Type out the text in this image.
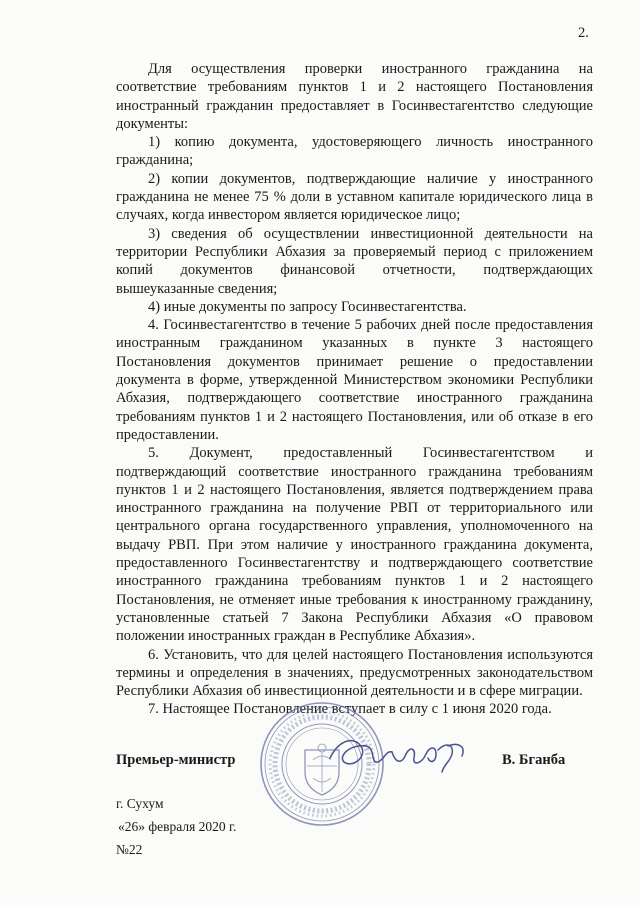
2.

Для осуществления проверки иностранного гражданина на соответствие требованиям пунктов 1 и 2 настоящего Постановления иностранный гражданин предоставляет в Госинвестагентство следующие документы:

1) копию документа, удостоверяющего личность иностранного гражданина;

2) копии документов, подтверждающие наличие у иностранного гражданина не менее 75 % доли в уставном капитале юридического лица в случаях, когда инвестором является юридическое лицо;

3) сведения об осуществлении инвестиционной деятельности на территории Республики Абхазия за проверяемый период с приложением копий документов финансовой отчетности, подтверждающих вышеуказанные сведения;

4) иные документы по запросу Госинвестагентства.

4. Госинвестагентство в течение 5 рабочих дней после предоставления иностранным гражданином указанных в пункте 3 настоящего Постановления документов принимает решение о предоставлении документа в форме, утвержденной Министерством экономики Республики Абхазия, подтверждающего соответствие иностранного гражданина требованиям пунктов 1 и 2 настоящего Постановления, или об отказе в его предоставлении.

5. Документ, предоставленный Госинвестагентством и подтверждающий соответствие иностранного гражданина требованиям пунктов 1 и 2 настоящего Постановления, является подтверждением права иностранного гражданина на получение РВП от территориального или центрального органа государственного управления, уполномоченного на выдачу РВП. При этом наличие у иностранного гражданина документа, предоставленного Госинвестагентству и подтверждающего соответствие иностранного гражданина требованиям пунктов 1 и 2 настоящего Постановления, не отменяет иные требования к иностранному гражданину, установленные статьей 7 Закона Республики Абхазия «О правовом положении иностранных граждан в Республике Абхазия».

6. Установить, что для целей настоящего Постановления используются термины и определения в значениях, предусмотренных законодательством Республики Абхазия об инвестиционной деятельности и в сфере миграции.

7. Настоящее Постановление вступает в силу с 1 июня 2020 года.

Премьер-министр	В. Бганба
г. Сухум
«26» февраля 2020 г.
№22
